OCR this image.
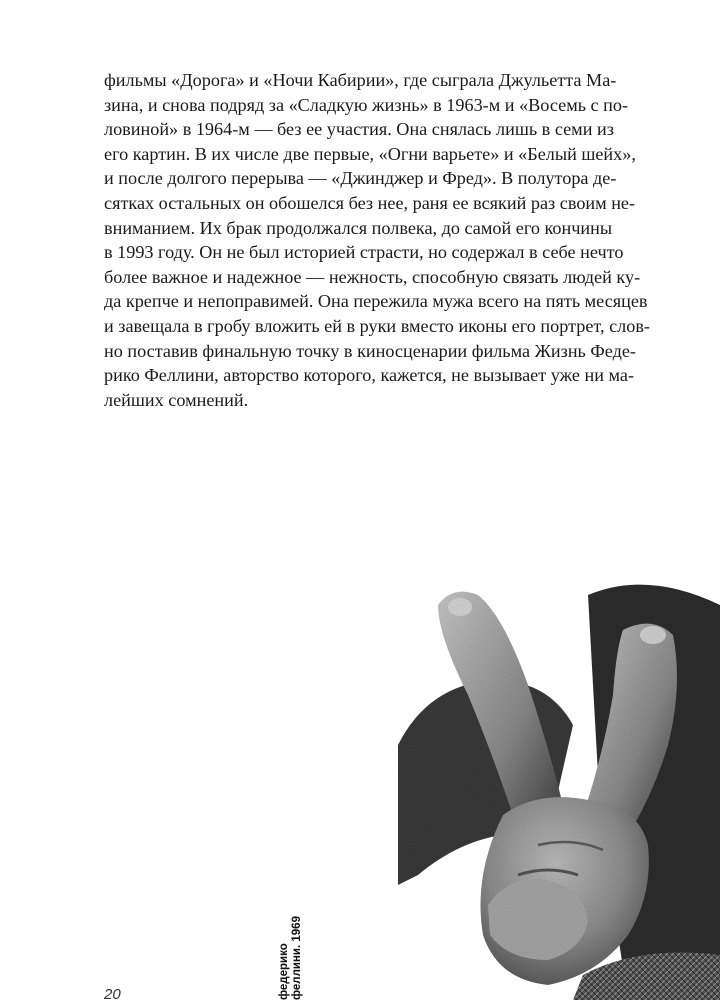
фильмы «Дорога» и «Ночи Кабирии», где сыграла Джульетта Ма-
зина, и снова подряд за «Сладкую жизнь» в 1963-м и «Восемь с по-
ловиной» в 1964-м — без ее участия. Она снялась лишь в семи из
его картин. В их числе две первые, «Огни варьете» и «Белый шейх»,
и после долгого перерыва — «Джинджер и Фред». В полутора де-
сятках остальных он обошелся без нее, раня ее всякий раз своим не-
вниманием. Их брак продолжался полвека, до самой его кончины
в 1993 году. Он не был историей страсти, но содержал в себе нечто
более важное и надежное — нежность, способную связать людей ку-
да крепче и непоправимей. Она пережила мужа всего на пять месяцев
и завещала в гробу вложить ей в руки вместо иконы его портрет, слов-
но поставив финальную точку в киносценарии фильма Жизнь Феде-
рико Феллини, авторство которого, кажется, не вызывает уже ни ма-
лейших сомнений.
федерико феллини. 1969
20
